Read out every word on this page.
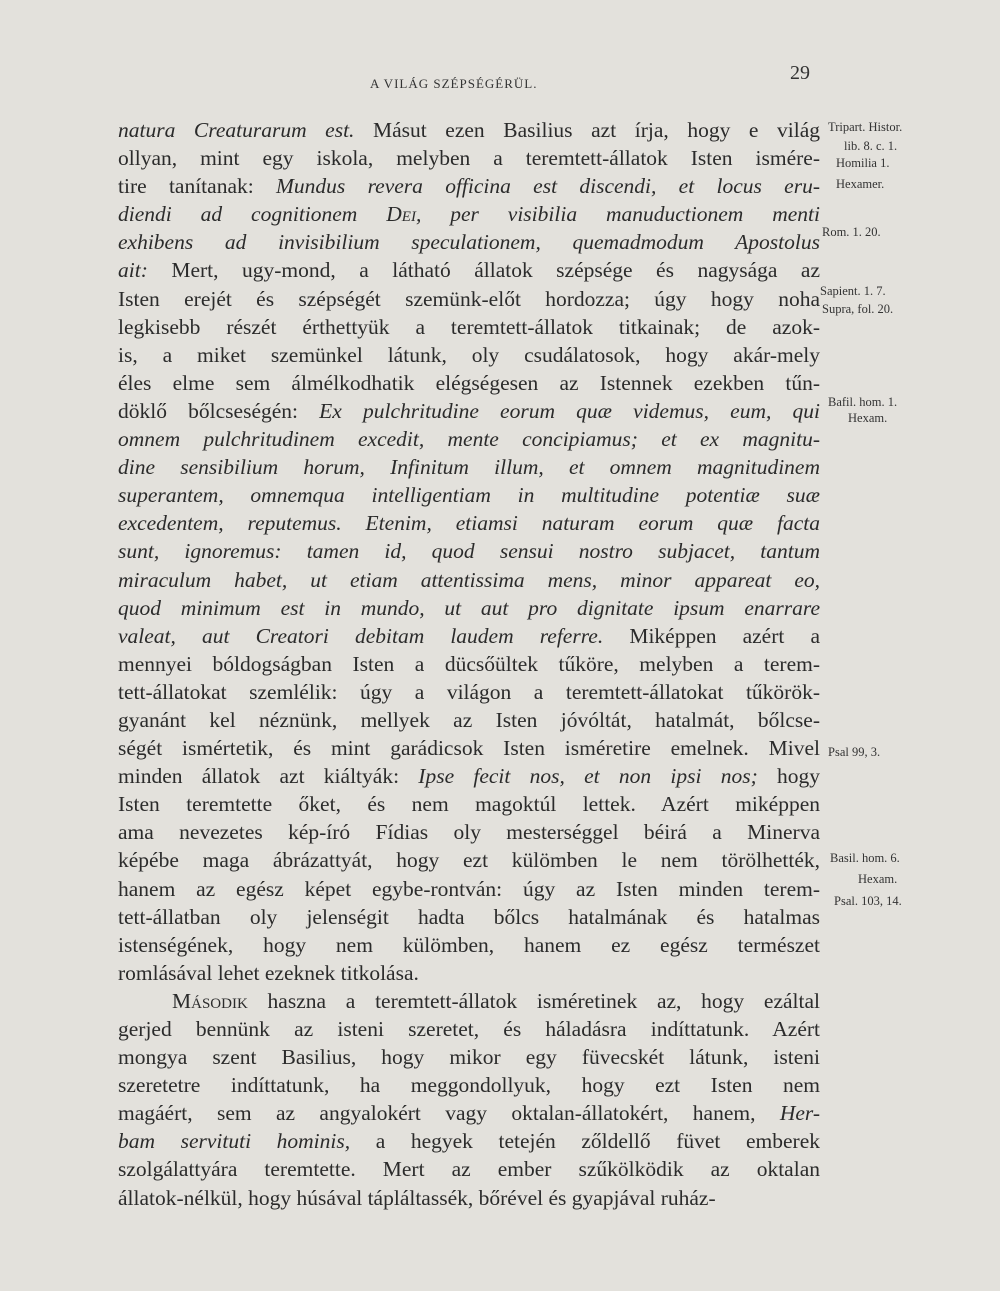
A VILÁG SZÉPSÉGÉRÜL.	29
natura Creaturarum est. Másut ezen Basilius azt írja, hogy e világ
ollyan, mint egy iskola, melyben a teremtett-állatok Isten ismére-
tire tanítanak: Mundus revera officina est discendi, et locus eru-
diendi ad cognitionem Dei, per visibilia manuductionem menti
exhibens ad invisibilium speculationem, quemadmodum Apostolus
ait: Mert, ugy-mond, a látható állatok szépsége és nagysága az
Isten erejét és szépségét szemünk-előt hordozza; úgy hogy noha
legkisebb részét érthettyük a teremtett-állatok titkainak; de azok-
is, a miket szemünkel látunk, oly csudálatosok, hogy akár-mely
éles elme sem álmélkodhatik elégségesen az Istennek ezekben tűn-
döklő bőlcseségén: Ex pulchritudine eorum quæ videmus, eum, qui
omnem pulchritudinem excedit, mente concipiamus; et ex magnitu-
dine sensibilium horum, Infinitum illum, et omnem magnitudinem
superantem, omnemqua intelligentiam in multitudine potentiæ suæ
excedentem, reputemus. Etenim, etiamsi naturam eorum quæ facta
sunt, ignoremus: tamen id, quod sensui nostro subjacet, tantum
miraculum habet, ut etiam attentissima mens, minor appareat eo,
quod minimum est in mundo, ut aut pro dignitate ipsum enarrare
valeat, aut Creatori debitam laudem referre. Miképpen azért a
mennyei bóldogságban Isten a dücsőültek tűköre, melyben a terem-
tett-állatokat szemlélik: úgy a világon a teremtett-állatokat tűkörök-
gyanánt kel néznünk, mellyek az Isten jóvóltát, hatalmát, bőlcse-
ségét ismértetik, és mint garádicsok Isten isméretire emelnek. Mivel
minden állatok azt kiáltyák: Ipse fecit nos, et non ipsi nos; hogy
Isten teremtette őket, és nem magoktúl lettek. Azért miképpen
ama nevezetes kép-író Fídias oly mesterséggel béirá a Minerva
képébe maga ábrázattyát, hogy ezt külömben le nem törölhették,
hanem az egész képet egybe-rontván: úgy az Isten minden terem-
tett-állatban oly jelenségit hadta bőlcs hatalmának és hatalmas
istenségének, hogy nem külömben, hanem ez egész természet
romlásával lehet ezeknek titkolása.
Második haszna a teremtett-állatok isméretinek az, hogy ezáltal
gerjed bennünk az isteni szeretet, és háladásra indíttatunk. Azért
mongya szent Basilius, hogy mikor egy füvecskét látunk, isteni
szeretetre indíttatunk, ha meggondollyuk, hogy ezt Isten nem
magáért, sem az angyalokért vagy oktalan-állatokért, hanem, Her-
bam servituti hominis, a hegyek tetején zőldellő füvet emberek
szolgálattyára teremtette. Mert az ember szűkölködik az oktalan
állatok-nélkül, hogy húsával tápláltassék, bőrével és gyapjával ruház-
Tripart. Histor.
lib. 8. c. 1.
Homilia 1.
Hexamer.
Rom. 1. 20.
Sapient. 1. 7.
Supra, fol. 20.
Bafil. hom. 1.
Hexam.
Psal 99, 3.
Basil. hom. 6.
Hexam.
Psal. 103, 14.
